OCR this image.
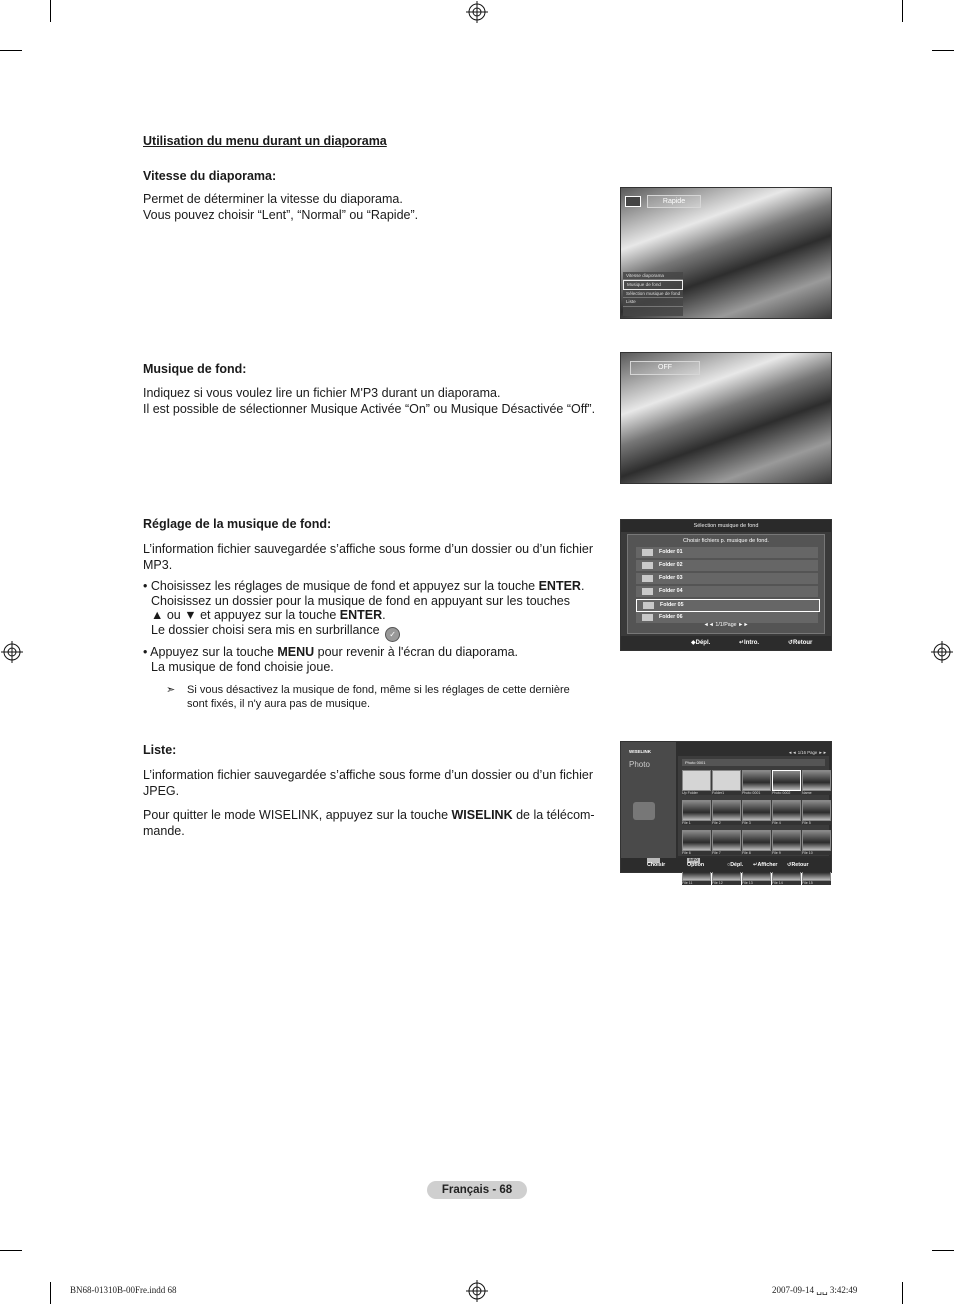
Utilisation du menu durant un diaporama
Vitesse du diaporama:
Permet de déterminer la vitesse du diaporama.
Vous pouvez choisir “Lent”, “Normal” ou “Rapide”.
Rapide
Vitesse diaporama
Musique de fond
Sélection musique de fond
Liste
Musique de fond:
Indiquez si vous voulez lire un fichier M'P3 durant un diaporama.
Il est possible de sélectionner Musique Activée “On” ou Musique Désactivée “Off”.
OFF
Réglage de la musique de fond:
L’information fichier sauvegardée s’affiche sous forme d’un dossier ou d’un fichier
MP3.
• Choisissez les réglages de musique de fond et appuyez sur la touche ENTER.
Choisissez un dossier pour la musique de fond en appuyant sur les touches
▲ ou ▼ et appuyez sur la touche ENTER.
Le dossier choisi sera mis en surbrillance ✓
• Appuyez sur la touche MENU pour revenir à l'écran du diaporama.
La musique de fond choisie joue.
➣	Si vous désactivez la musique de fond, même si les réglages de cette dernière
sont fixés, il n'y aura pas de musique.
Sélection musique de fond
Choisir fichiers p. musique de fond.
Folder 01
Folder 02
Folder 03
Folder 04
Folder 05
Folder 06
◄◄ 1/1/Page ►►
◆ Dépl.	↵ Intro.	↺ Retour
Liste:
L’information fichier sauvegardée s’affiche sous forme d’un dossier ou d’un fichier
JPEG.
Pour quitter le mode WISELINK, appuyez sur la touche WISELINK de la télécom-
mande.
WISELINK
Photo
◄◄ 1/16 Page ►►
Photo 0001
Up Folder	Folder1	Photo 0001	Photo 0002	Name
File 1	File 2	File 3	File 4	File 5
File 6	File 7	File 8	File 9	File 10
File 11	File 12	File 13	File 14	File 15
Choisir
INFO
Option	○ Dépl. ↵ Afficher ↺ Retour
Français - 68
BN68-01310B-00Fre.indd 68	2007-09-14 ␣␣ 3:42:49
